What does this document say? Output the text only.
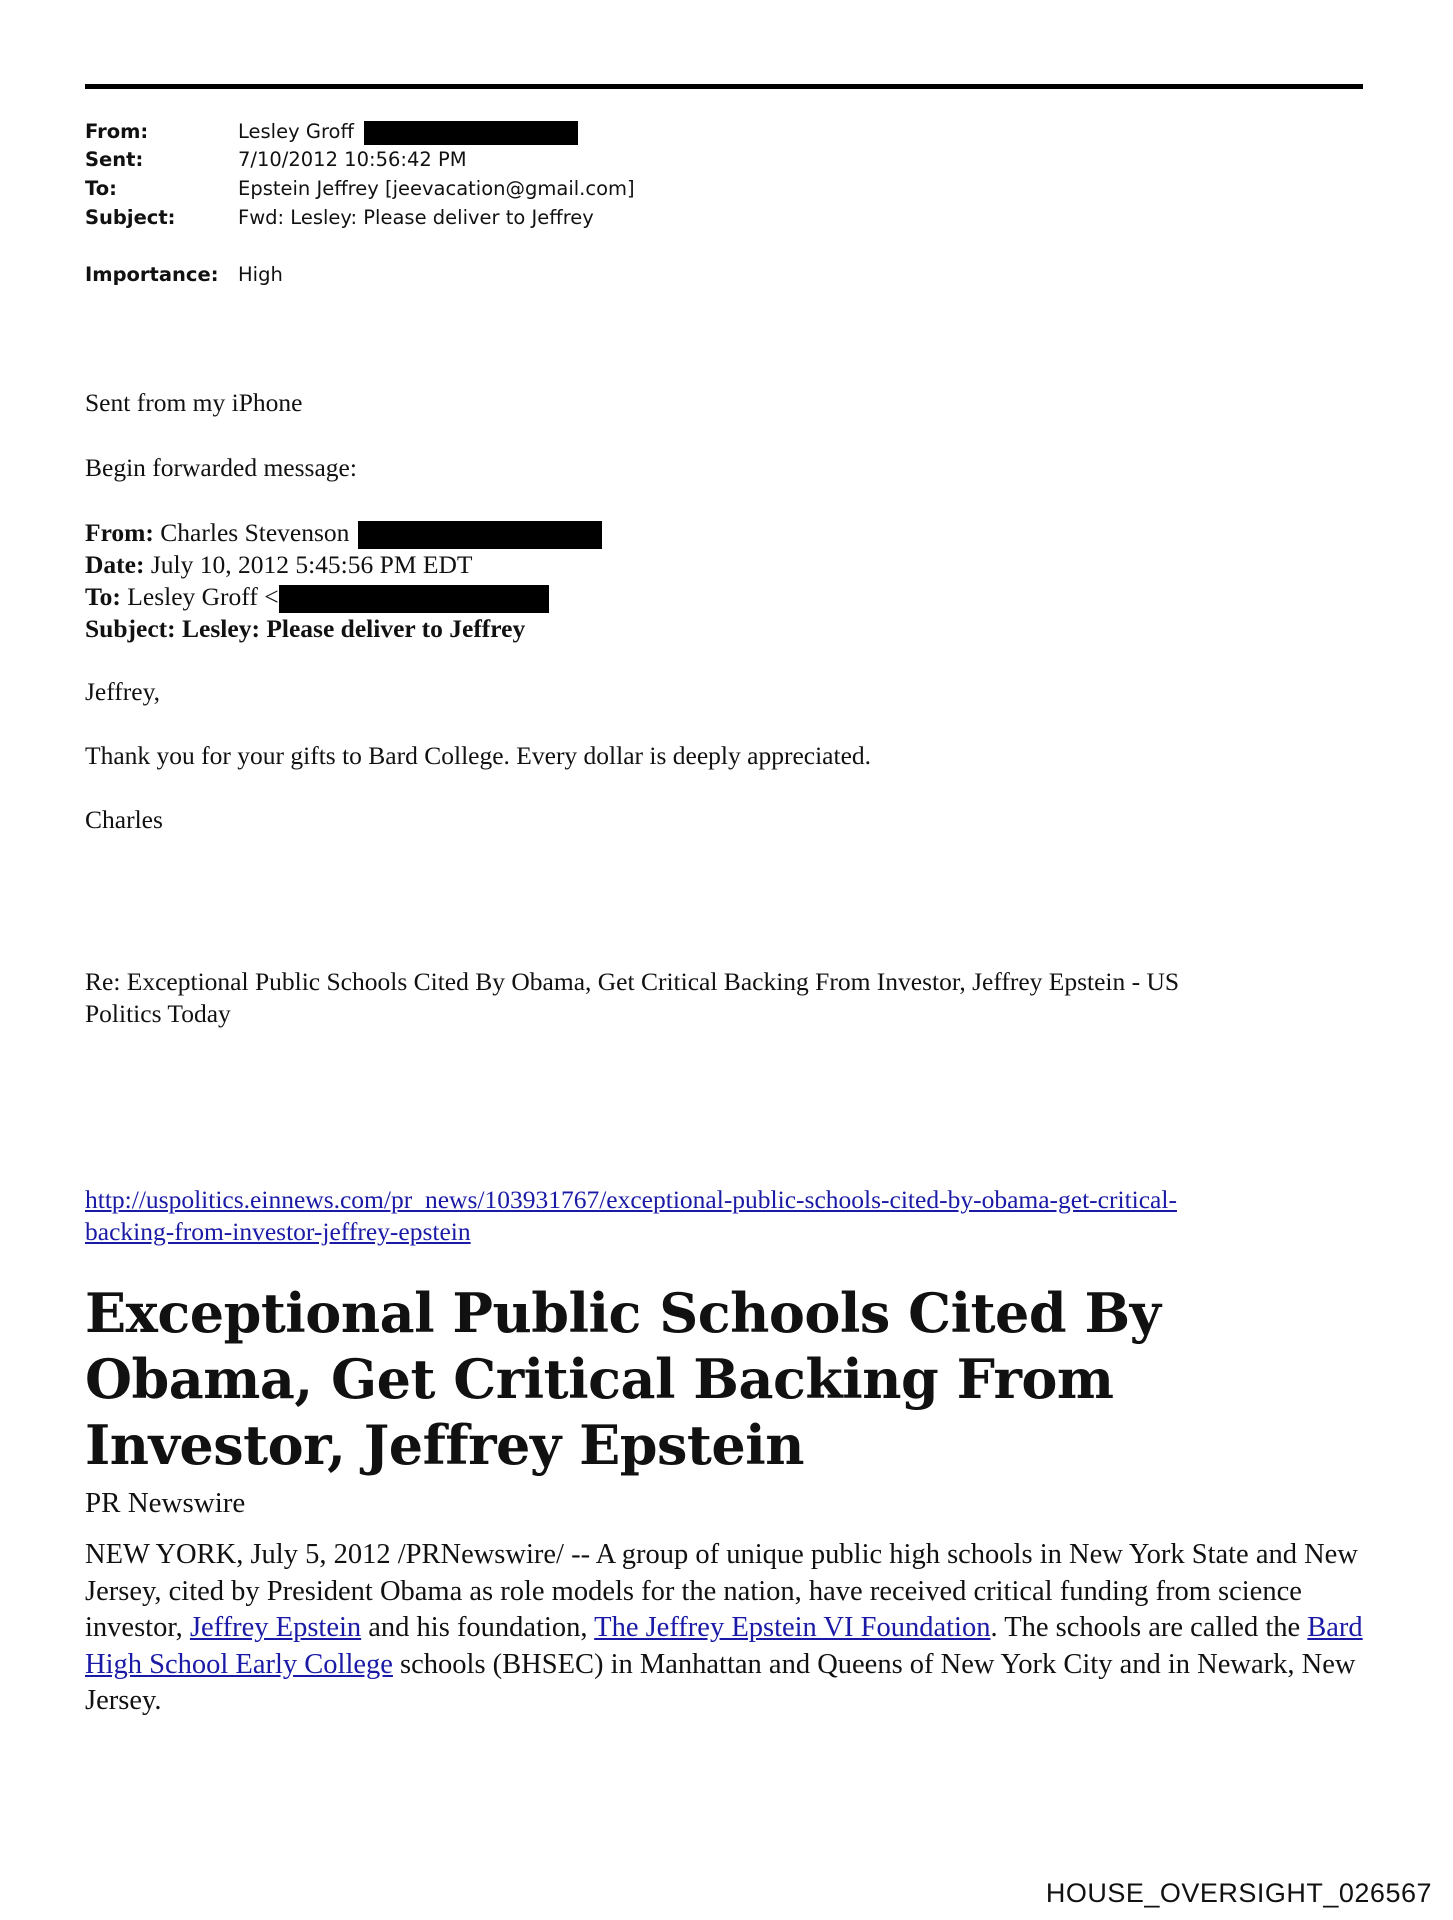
From:	Lesley Groff
Sent:	7/10/2012 10:56:42 PM
To:	Epstein Jeffrey [jeevacation@gmail.com]
Subject:	Fwd: Lesley: Please deliver to Jeffrey
Importance: High
Sent from my iPhone
Begin forwarded message:
From: Charles Stevenson
Date: July 10, 2012 5:45:56 PM EDT
To: Lesley Groff <
Subject: Lesley: Please deliver to Jeffrey
Jeffrey,
Thank you for your gifts to Bard College. Every dollar is deeply appreciated.
Charles
Re: Exceptional Public Schools Cited By Obama, Get Critical Backing From Investor, Jeffrey Epstein - US
Politics Today
http://uspolitics.einnews.com/pr_news/103931767/exceptional-public-schools-cited-by-obama-get-critical-
backing-from-investor-jeffrey-epstein
Exceptional Public Schools Cited By Obama, Get Critical Backing From Investor, Jeffrey Epstein
PR Newswire
NEW YORK, July 5, 2012 /PRNewswire/ -- A group of unique public high schools in New York State and New Jersey, cited by President Obama as role models for the nation, have received critical funding from science investor, Jeffrey Epstein and his foundation, The Jeffrey Epstein VI Foundation. The schools are called the Bard High School Early College schools (BHSEC) in Manhattan and Queens of New York City and in Newark, New Jersey.
HOUSE_OVERSIGHT_026567
